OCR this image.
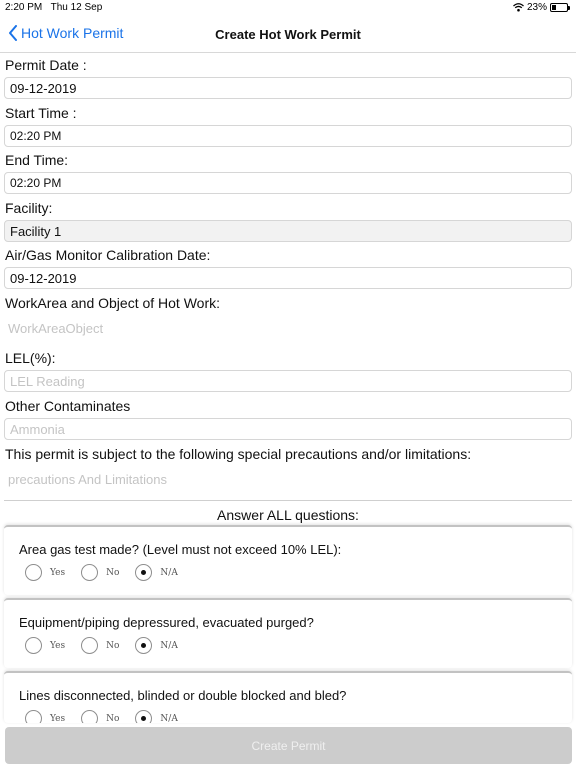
2:20 PM Thu 12 Sep	23%
Hot Work Permit	Create Hot Work Permit
Permit Date :
09-12-2019
Start Time :
02:20 PM
End Time:
02:20 PM
Facility:
Facility 1
Air/Gas Monitor Calibration Date:
09-12-2019
WorkArea and Object of Hot Work:
WorkAreaObject
LEL(%):
LEL Reading
Other Contaminates
Ammonia
This permit is subject to the following special precautions and/or limitations:
precautions And Limitations
Answer ALL questions:
Area gas test made? (Level must not exceed 10% LEL):
Yes	No	N/A
Equipment/piping depressured, evacuated purged?
Yes	No	N/A
Lines disconnected, blinded or double blocked and bled?
Yes	No	N/A
Create Permit
